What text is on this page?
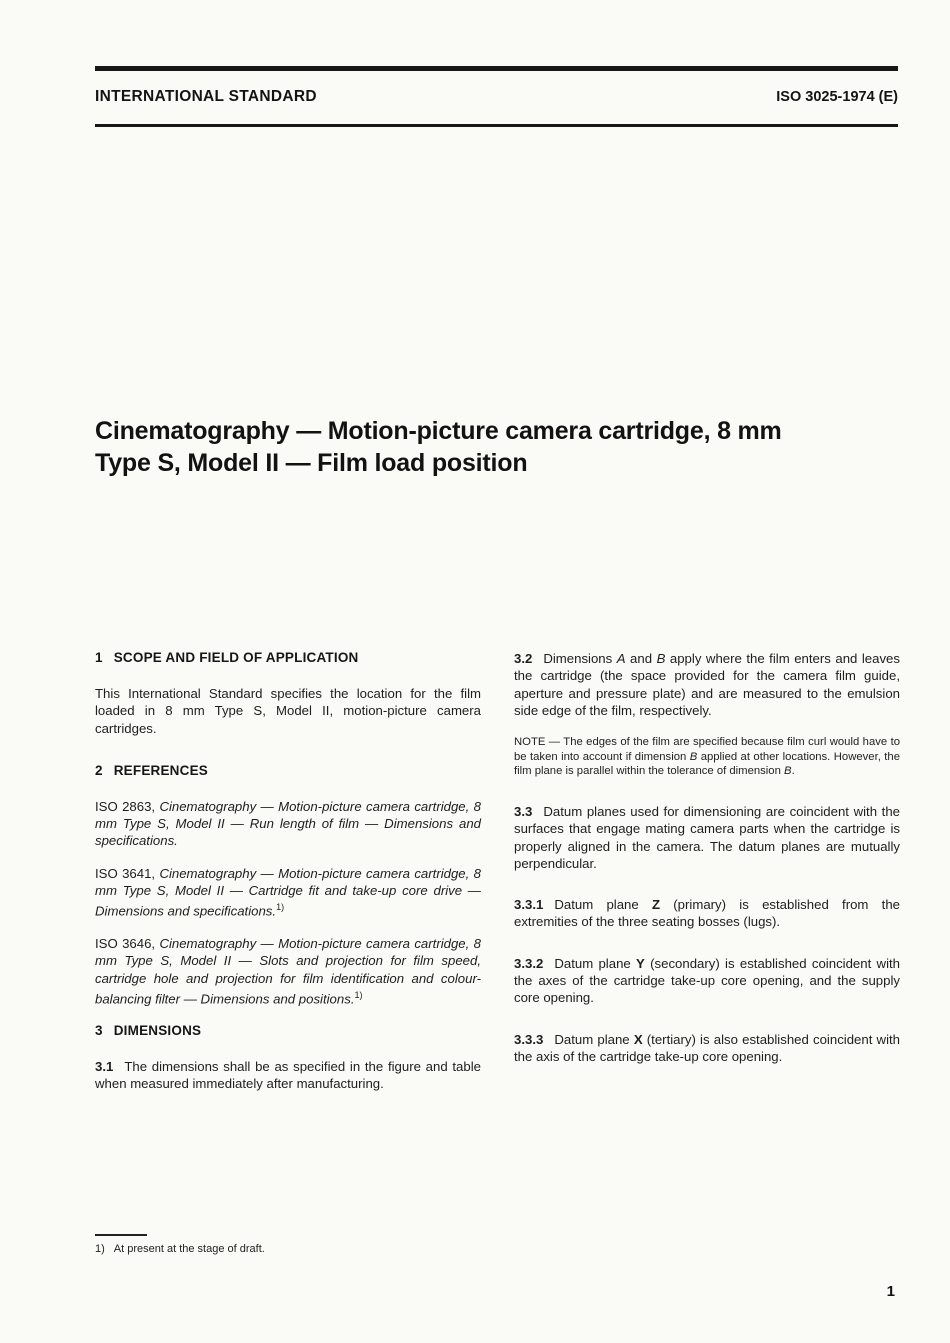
INTERNATIONAL STANDARD	ISO 3025-1974 (E)
Cinematography — Motion-picture camera cartridge, 8 mm
Type S, Model II — Film load position
1 SCOPE AND FIELD OF APPLICATION

This International Standard specifies the location for the film loaded in 8 mm Type S, Model II, motion-picture camera cartridges.

2 REFERENCES

ISO 2863, Cinematography — Motion-picture camera cartridge, 8 mm Type S, Model II — Run length of film — Dimensions and specifications.

ISO 3641, Cinematography — Motion-picture camera cartridge, 8 mm Type S, Model II — Cartridge fit and take-up core drive — Dimensions and specifications.$^{1)}$

ISO 3646, Cinematography — Motion-picture camera cartridge, 8 mm Type S, Model II — Slots and projection for film speed, cartridge hole and projection for film identification and colour-balancing filter — Dimensions and positions.$^{1)}$

3 DIMENSIONS

3.1 The dimensions shall be as specified in the figure and table when measured immediately after manufacturing.

3.2 Dimensions A and B apply where the film enters and leaves the cartridge (the space provided for the camera film guide, aperture and pressure plate) and are measured to the emulsion side edge of the film, respectively.

NOTE — The edges of the film are specified because film curl would have to be taken into account if dimension B applied at other locations. However, the film plane is parallel within the tolerance of dimension B.

3.3 Datum planes used for dimensioning are coincident with the surfaces that engage mating camera parts when the cartridge is properly aligned in the camera. The datum planes are mutually perpendicular.

3.3.1 Datum plane Z (primary) is established from the extremities of the three seating bosses (lugs).

3.3.2 Datum plane Y (secondary) is established coincident with the axes of the cartridge take-up core opening, and the supply core opening.

3.3.3 Datum plane X (tertiary) is also established coincident with the axis of the cartridge take-up core opening.

1) At present at the stage of draft.

1
